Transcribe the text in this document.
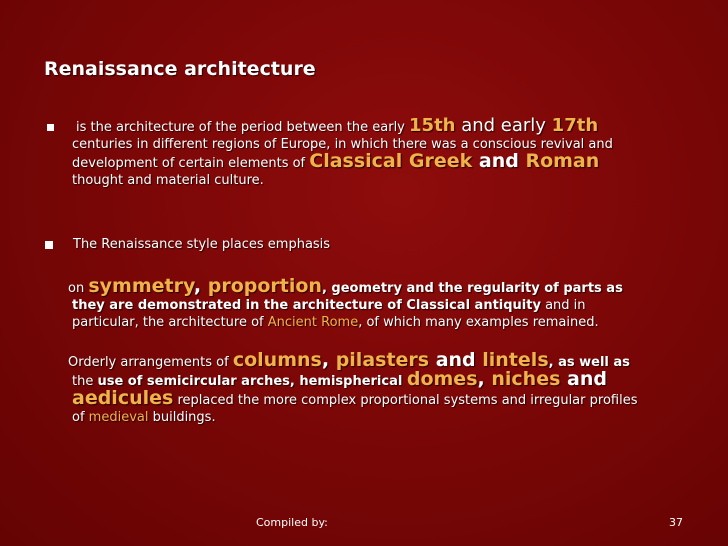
Renaissance architecture
is the architecture of the period between the early 15th and early 17th
centuries in different regions of Europe, in which there was a conscious revival and
development of certain elements of Classical Greek and Roman
thought and material culture.
The Renaissance style places emphasis
on symmetry, proportion, geometry and the regularity of parts as
they are demonstrated in the architecture of Classical antiquity and in
particular, the architecture of Ancient Rome, of which many examples remained.
Orderly arrangements of columns, pilasters and lintels, as well as
the use of semicircular arches, hemispherical domes, niches and
aedicules replaced the more complex proportional systems and irregular profiles
of medieval buildings.
Compiled by:	37
